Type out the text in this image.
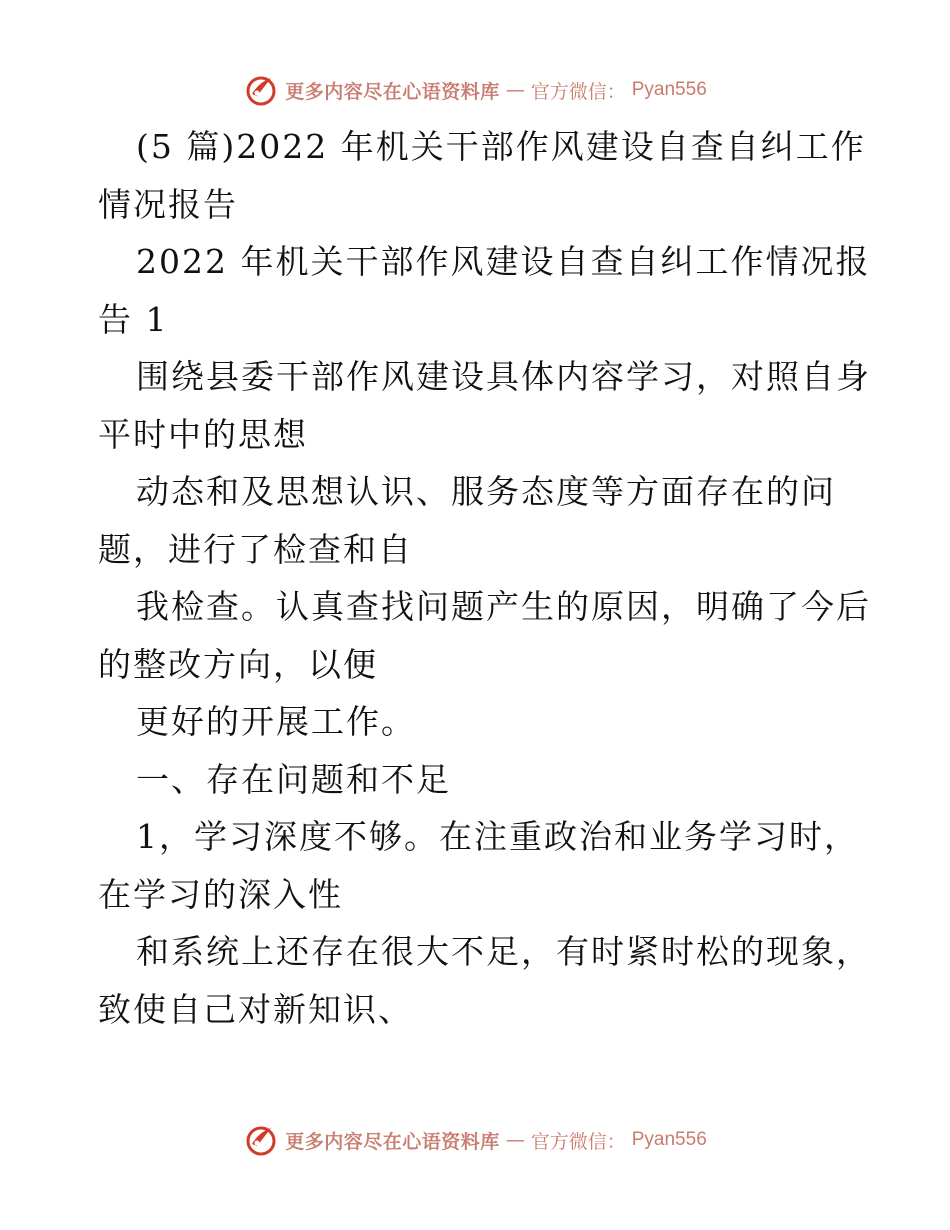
更多内容尽在心语资料库 — 官方微信： Pyan556
(5 篇)2022 年机关干部作风建设自查自纠工作
情况报告
2022 年机关干部作风建设自查自纠工作情况报
告 1
围绕县委干部作风建设具体内容学习，对照自身
平时中的思想
动态和及思想认识、服务态度等方面存在的问
题，进行了检查和自
我检查。认真查找问题产生的原因，明确了今后
的整改方向，以便
更好的开展工作。
一、存在问题和不足
1，学习深度不够。在注重政治和业务学习时，
在学习的深入性
和系统上还存在很大不足，有时紧时松的现象，
致使自己对新知识、
更多内容尽在心语资料库 — 官方微信： Pyan556
